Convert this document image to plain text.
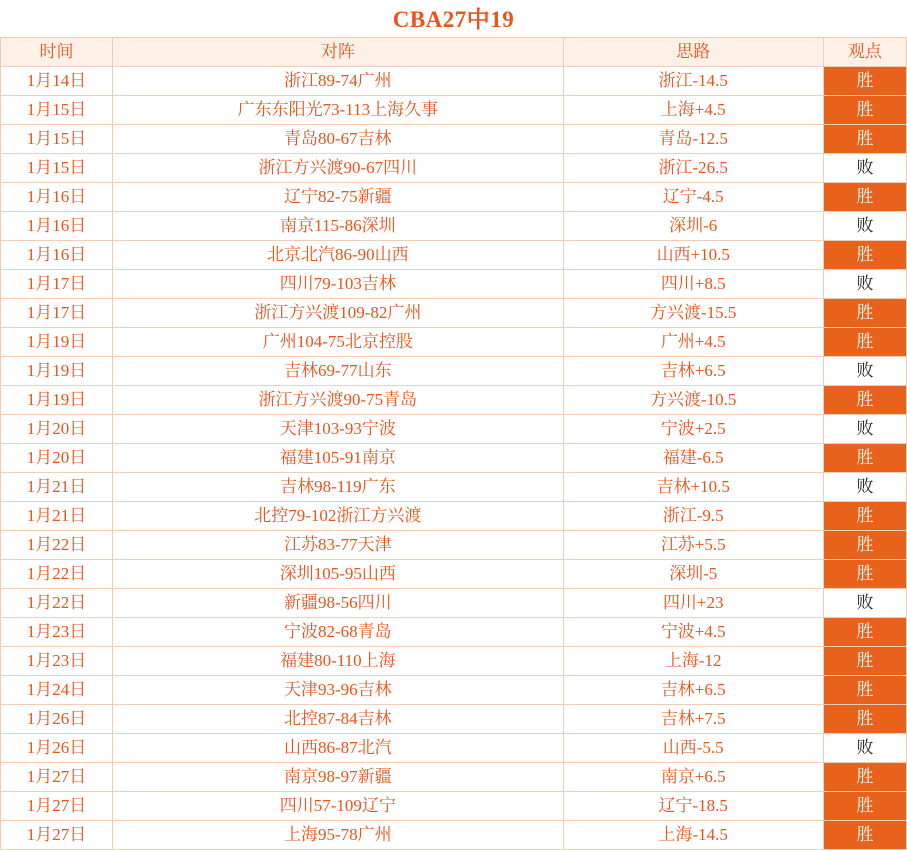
CBA27中19
时间	对阵	思路	观点
1月14日	浙江89-74广州	浙江-14.5	胜
1月15日	广东东阳光73-113上海久事	上海+4.5	胜
1月15日	青岛80-67吉林	青岛-12.5	胜
1月15日	浙江方兴渡90-67四川	浙江-26.5	败
1月16日	辽宁82-75新疆	辽宁-4.5	胜
1月16日	南京115-86深圳	深圳-6	败
1月16日	北京北汽86-90山西	山西+10.5	胜
1月17日	四川79-103吉林	四川+8.5	败
1月17日	浙江方兴渡109-82广州	方兴渡-15.5	胜
1月19日	广州104-75北京控股	广州+4.5	胜
1月19日	吉林69-77山东	吉林+6.5	败
1月19日	浙江方兴渡90-75青岛	方兴渡-10.5	胜
1月20日	天津103-93宁波	宁波+2.5	败
1月20日	福建105-91南京	福建-6.5	胜
1月21日	吉林98-119广东	吉林+10.5	败
1月21日	北控79-102浙江方兴渡	浙江-9.5	胜
1月22日	江苏83-77天津	江苏+5.5	胜
1月22日	深圳105-95山西	深圳-5	胜
1月22日	新疆98-56四川	四川+23	败
1月23日	宁波82-68青岛	宁波+4.5	胜
1月23日	福建80-110上海	上海-12	胜
1月24日	天津93-96吉林	吉林+6.5	胜
1月26日	北控87-84吉林	吉林+7.5	胜
1月26日	山西86-87北汽	山西-5.5	败
1月27日	南京98-97新疆	南京+6.5	胜
1月27日	四川57-109辽宁	辽宁-18.5	胜
1月27日	上海95-78广州	上海-14.5	胜
